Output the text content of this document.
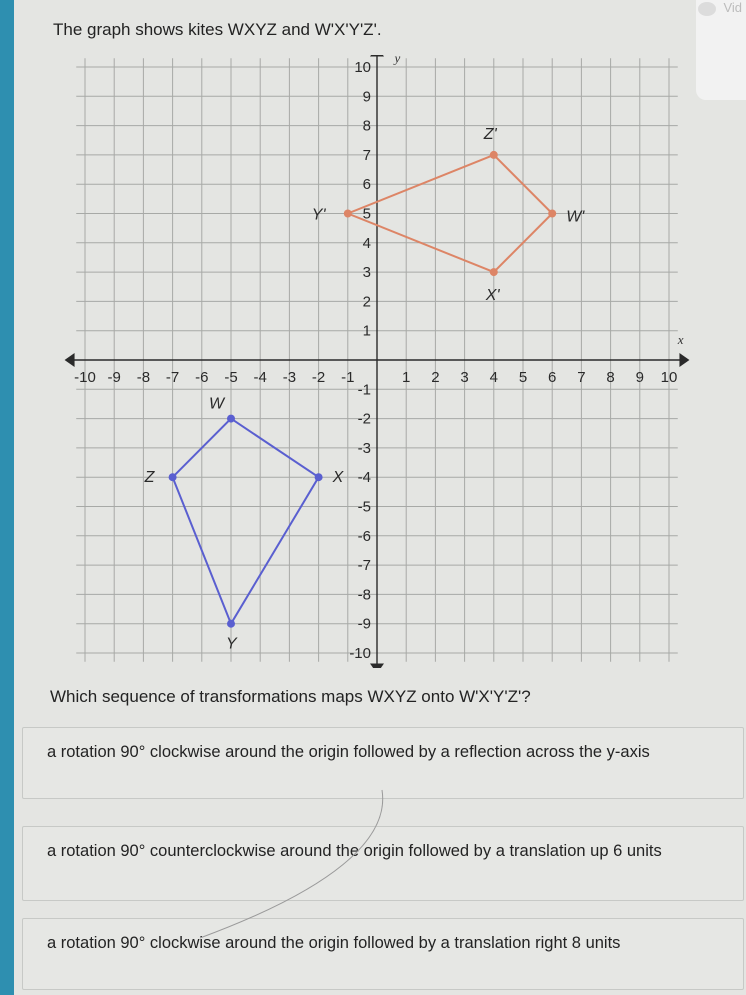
Vid

The graph shows kites WXYZ and W'X'Y'Z'.

x
y
-10 -9 -8 -7 -6 -5 -4 -3 -2 -1	1 2 3 4 5 6 7 8 9 10
10
9
8
7
6
5
4
3
2
1
-1
-2
-3
-4
-5
-6
-7
-8
-9
-10
W
X
Y
Z
W'
X'
Y'
Z'

Which sequence of transformations maps WXYZ onto W'X'Y'Z'?

a rotation 90° clockwise around the origin followed by a reflection across the y-axis
a rotation 90° counterclockwise around the origin followed by a translation up 6 units
a rotation 90° clockwise around the origin followed by a translation right 8 units
